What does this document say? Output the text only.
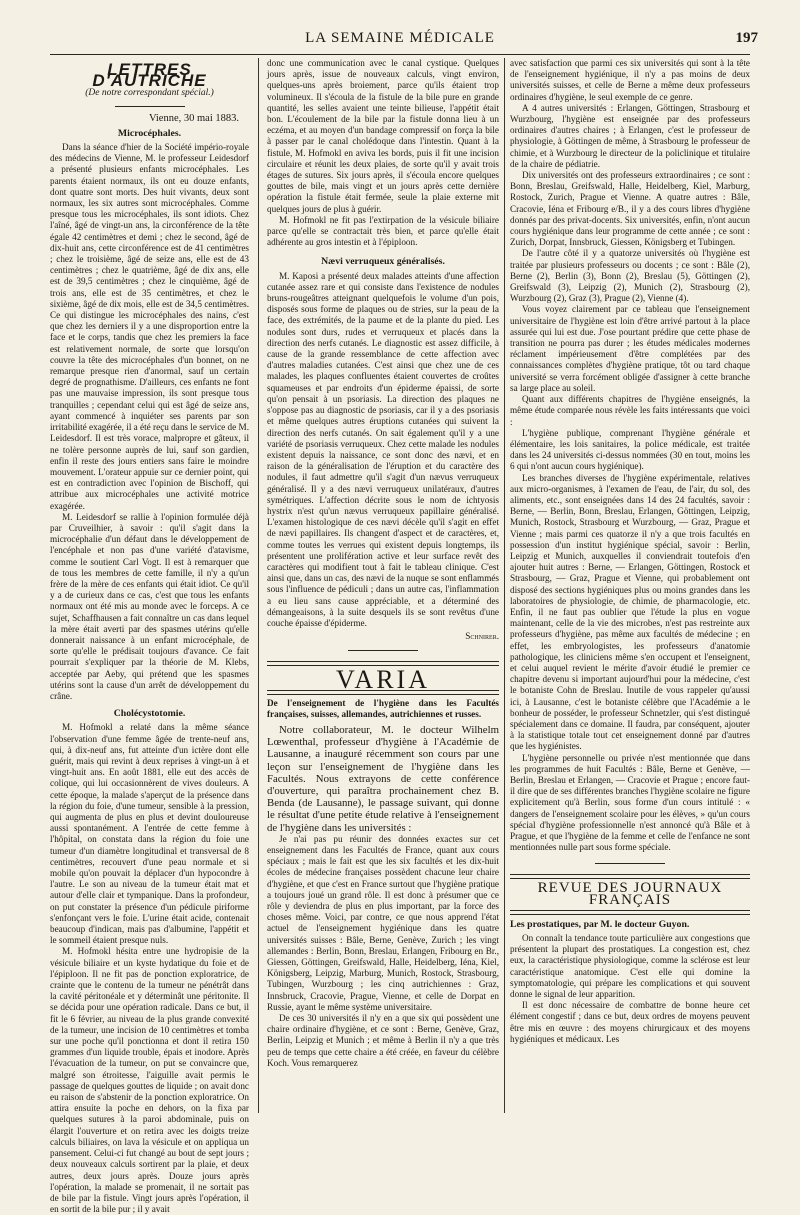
LA SEMAINE MÉDICALE	197
LETTRES D'AUTRICHE
(De notre correspondant spécial.)
Vienne, 30 mai 1883.
Microcéphales.

Dans la séance d'hier de la Société império-royale des médecins de Vienne, M. le professeur Leidesdorf a présenté plusieurs enfants microcéphales. Les parents étaient normaux, ils ont eu douze enfants, dont quatre sont morts. Des huit vivants, deux sont normaux, les six autres sont microcéphales. Comme presque tous les microcéphales, ils sont idiots. Chez l'aîné, âgé de vingt-un ans, la circonférence de la tête égale 42 centimètres et demi ; chez le second, âgé de dix-huit ans, cette circonférence est de 41 centimètres ; chez le troisième, âgé de seize ans, elle est de 43 centimètres ; chez le quatrième, âgé de dix ans, elle est de 39,5 centimètres ; chez le cinquième, âgé de trois ans, elle est de 35 centimètres, et chez le sixième, âgé de dix mois, elle est de 34,5 centimètres. Ce qui distingue les microcéphales des nains, c'est que chez les derniers il y a une disproportion entre la face et le corps, tandis que chez les premiers la face est relativement normale, de sorte que lorsqu'on couvre la tête des microcéphales d'un bonnet, on ne remarque presque rien d'anormal, sauf un certain degré de prognathisme. D'ailleurs, ces enfants ne font pas une mauvaise impression, ils sont presque tous tranquilles ; cependant celui qui est âgé de seize ans, ayant commencé à inquiéter ses parents par son irritabilité exagérée, il a été reçu dans le service de M. Leidesdorf. Il est très vorace, malpropre et gâteux, il ne tolère personne auprès de lui, sauf son gardien, enfin il reste des jours entiers sans faire le moindre mouvement. L'orateur appuie sur ce dernier point, qui est en contradiction avec l'opinion de Bischoff, qui attribue aux microcéphales une activité motrice exagérée.

M. Leidesdorf se rallie à l'opinion formulée déjà par Cruveilhier, à savoir : qu'il s'agit dans la microcéphalie d'un défaut dans le développement de l'encéphale et non pas d'une variété d'atavisme, comme le soutient Carl Vogt. Il est à remarquer que de tous les membres de cette famille, il n'y a qu'un frère de la mère de ces enfants qui était idiot. Ce qu'il y a de curieux dans ce cas, c'est que tous les enfants normaux ont été mis au monde avec le forceps. A ce sujet, Schaffhausen a fait connaître un cas dans lequel la mère était averti par des spasmes utérins qu'elle donnerait naissance à un enfant microcéphale, de sorte qu'elle le prédisait toujours d'avance. Ce fait pourrait s'expliquer par la théorie de M. Klebs, acceptée par Aeby, qui prétend que les spasmes utérins sont la cause d'un arrêt de développement du crâne.

Cholécystotomie.

M. Hofmokl a relaté dans la même séance l'observation d'une femme âgée de trente-neuf ans, qui, à dix-neuf ans, fut atteinte d'un ictère dont elle guérit, mais qui revint à deux reprises à vingt-un à et vingt-huit ans. En août 1881, elle eut des accès de colique, qui lui occasionnèrent de vives douleurs. A cette époque, la malade s'aperçut de la présence dans la région du foie, d'une tumeur, sensible à la pression, qui augmenta de plus en plus et devint douloureuse aussi spontanément. A l'entrée de cette femme à l'hôpital, on constata dans la région du foie une tumeur d'un diamètre longitudinal et transversal de 8 centimètres, recouvert d'une peau normale et si mobile qu'on pouvait la déplacer d'un hypocondre à l'autre. Le son au niveau de la tumeur était mat et autour d'elle clair et tympanique. Dans la profondeur, on put constater la présence d'un pédicule piriforme s'enfonçant vers le foie. L'urine était acide, contenait beaucoup d'indican, mais pas d'albumine, l'appétit et le sommeil étaient presque nuls.

M. Hofmokl hésita entre une hydropisie de la vésicule biliaire et un kyste hydatique du foie et de l'épiploon. Il ne fit pas de ponction exploratrice, de crainte que le contenu de la tumeur ne pénétrât dans la cavité péritonéale et y déterminât une péritonite. Il se décida pour une opération radicale. Dans ce but, il fit le 6 février, au niveau de la plus grande convexité de la tumeur, une incision de 10 centimètres et tomba sur une poche qu'il ponctionna et dont il retira 150 grammes d'un liquide trouble, épais et inodore. Après l'évacuation de la tumeur, on put se convaincre que, malgré son étroitesse, l'aiguille avait permis le passage de quelques gouttes de liquide ; on avait donc eu raison de s'abstenir de la ponction exploratrice. On attira ensuite la poche en dehors, on la fixa par quelques sutures à la paroi abdominale, puis on élargit l'ouverture et on retira avec les doigts treize calculs biliaires, on lava la vésicule et on appliqua un pansement. Celui-ci fut changé au bout de sept jours ; deux nouveaux calculs sortirent par la plaie, et deux autres, deux jours après. Douze jours après l'opération, la malade se promenait, il ne sortait pas de bile par la fistule. Vingt jours après l'opération, il en sortit de la bile pur ; il y avait

donc une communication avec le canal cystique. Quelques jours après, issue de nouveaux calculs, vingt environ, quelques-uns après broiement, parce qu'ils étaient trop volumineux. Il s'écoula de la fistule de la bile pure en grande quantité, les selles avaient une teinte bilieuse, l'appétit était bon. L'écoulement de la bile par la fistule donna lieu à un eczéma, et au moyen d'un bandage compressif on força la bile à passer par le canal cholédoque dans l'intestin. Quant à la fistule, M. Hofmokl en aviva les bords, puis il fit une incision circulaire et réunit les deux plaies, de sorte qu'il y avait trois étages de sutures. Six jours après, il s'écoula encore quelques gouttes de bile, mais vingt et un jours après cette dernière opération la fistule était fermée, seule la plaie externe mit quelques jours de plus à guérir.

M. Hofmokl ne fit pas l'extirpation de la vésicule biliaire parce qu'elle se contractait très bien, et parce qu'elle était adhérente au gros intestin et à l'épiploon.

Nævi verruqueux généralisés.

M. Kaposi a présenté deux malades atteints d'une affection cutanée assez rare et qui consiste dans l'existence de nodules bruns-rougeâtres atteignant quelquefois le volume d'un pois, disposés sous forme de plaques ou de stries, sur la peau de la face, des extrémités, de la paume et de la plante du pied. Les nodules sont durs, rudes et verruqueux et placés dans la direction des nerfs cutanés. Le diagnostic est assez difficile, à cause de la grande ressemblance de cette affection avec d'autres maladies cutanées. C'est ainsi que chez une de ces malades, les plaques confluentes étaient couvertes de croûtes squameuses et par endroits d'un épiderme épaissi, de sorte qu'on pensait à un psoriasis. La direction des plaques ne s'oppose pas au diagnostic de psoriasis, car il y a des psoriasis et même quelques autres éruptions cutanées qui suivent la direction des nerfs cutanés. On sait également qu'il y a une variété de psoriasis verruqueux. Chez cette malade les nodules existent depuis la naissance, ce sont donc des nævi, et en raison de la généralisation de l'éruption et du caractère des nodules, il faut admettre qu'il s'agit d'un nævus verruqueux généralisé. Il y a des nævi verruqueux unilatéraux, d'autres symétriques. L'affection décrite sous le nom de ichtyosis hystrix n'est qu'un nævus verruqueux papillaire généralisé. L'examen histologique de ces nævi décèle qu'il s'agit en effet de nævi papillaires. Ils changent d'aspect et de caractères, et, comme toutes les verrues qui existent depuis longtemps, ils présentent une prolifération active et leur surface revêt des caractères qui modifient tout à fait le tableau clinique. C'est ainsi que, dans un cas, des nævi de la nuque se sont enflammés sous l'influence de pédiculi ; dans un autre cas, l'inflammation a eu lieu sans cause appréciable, et a déterminé des démangeaisons, à la suite desquels ils se sont revêtus d'une couche épaisse d'épiderme.

Schnirer.
VARIA

De l'enseignement de l'hygiène dans les Facultés françaises, suisses, allemandes, autrichiennes et russes.

Notre collaborateur, M. le docteur Wilhelm Lœwenthal, professeur d'hygiène à l'Académie de Lausanne, a inauguré récemment son cours par une leçon sur l'enseignement de l'hygiène dans les Facultés. Nous extrayons de cette conférence d'ouverture, qui paraîtra prochainement chez B. Benda (de Lausanne), le passage suivant, qui donne le résultat d'une petite étude relative à l'enseignement de l'hygiène dans les universités :

Je n'ai pas pu réunir des données exactes sur cet enseignement dans les Facultés de France, quant aux cours spéciaux ; mais le fait est que les six facultés et les dix-huit écoles de médecine françaises possèdent chacune leur chaire d'hygiène, et que c'est en France surtout que l'hygiène pratique a toujours joué un grand rôle. Il est donc à présumer que ce rôle y deviendra de plus en plus important, par la force des choses même. Voici, par contre, ce que nous apprend l'état actuel de l'enseignement hygiénique dans les quatre universités suisses : Bâle, Berne, Genève, Zurich ; les vingt allemandes : Berlin, Bonn, Breslau, Erlangen, Fribourg en Br., Giessen, Göttingen, Greifswald, Halle, Heidelberg, Iéna, Kiel, Königsberg, Leipzig, Marburg, Munich, Rostock, Strasbourg, Tubingen, Wurzbourg ; les cinq autrichiennes : Graz, Innsbruck, Cracovie, Prague, Vienne, et celle de Dorpat en Russie, ayant le même système universitaire.

De ces 30 universités il n'y en a que six qui possèdent une chaire ordinaire d'hygiène, et ce sont : Berne, Genève, Graz, Berlin, Leipzig et Munich ; et même à Berlin il n'y a que très peu de temps que cette chaire a été créée, en faveur du célèbre Koch. Vous remarquerez

avec satisfaction que parmi ces six universités qui sont à la tête de l'enseignement hygiénique, il n'y a pas moins de deux universités suisses, et celle de Berne a même deux professeurs ordinaires d'hygiène, le seul exemple de ce genre.

A 4 autres universités : Erlangen, Göttingen, Strasbourg et Wurzbourg, l'hygiène est enseignée par des professeurs ordinaires d'autres chaires ; à Erlangen, c'est le professeur de physiologie, à Göttingen de même, à Strasbourg le professeur de chimie, et à Wurzbourg le directeur de la policlinique et titulaire de la chaire de pédiatrie.

Dix universités ont des professeurs extraordinaires ; ce sont : Bonn, Breslau, Greifswald, Halle, Heidelberg, Kiel, Marburg, Rostock, Zurich, Prague et Vienne. A quatre autres : Bâle, Cracovie, Iéna et Fribourg e/B., il y a des cours libres d'hygiène donnés par des privat-docents. Six universités, enfin, n'ont aucun cours hygiénique dans leur programme de cette année ; ce sont : Zurich, Dorpat, Innsbruck, Giessen, Königsberg et Tubingen.

De l'autre côté il y a quatorze universités où l'hygiène est traitée par plusieurs professeurs ou docents ; ce sont : Bâle (2), Berne (2), Berlin (3), Bonn (2), Breslau (5), Göttingen (2), Greifswald (3), Leipzig (2), Munich (2), Strasbourg (2), Wurzbourg (2), Graz (3), Prague (2), Vienne (4).

Vous voyez clairement par ce tableau que l'enseignement universitaire de l'hygiène est loin d'être arrivé partout à la place assurée qui lui est due. J'ose pourtant prédire que cette phase de transition ne pourra pas durer ; les études médicales modernes réclament impérieusement d'être complétées par des connaissances complètes d'hygiène pratique, tôt ou tard chaque université se verra forcément obligée d'assigner à cette branche sa large place au soleil.

Quant aux différents chapitres de l'hygiène enseignés, la même étude comparée nous révèle les faits intéressants que voici :

L'hygiène publique, comprenant l'hygiène générale et élémentaire, les lois sanitaires, la police médicale, est traitée dans les 24 universités ci-dessus nommées (30 en tout, moins les 6 qui n'ont aucun cours hygiénique).

Les branches diverses de l'hygiène expérimentale, relatives aux micro-organismes, à l'examen de l'eau, de l'air, du sol, des aliments, etc., sont enseignées dans 14 des 24 facultés, savoir : Berne, — Berlin, Bonn, Breslau, Erlangen, Göttingen, Leipzig, Munich, Rostock, Strasbourg et Wurzbourg, — Graz, Prague et Vienne ; mais parmi ces quatorze il n'y a que trois facultés en possession d'un institut hygiénique spécial, savoir : Berlin, Leipzig et Munich, auxquelles il conviendrait toutefois d'en ajouter huit autres : Berne, — Erlangen, Göttingen, Rostock et Strasbourg, — Graz, Prague et Vienne, qui probablement ont disposé des sections hygiéniques plus ou moins grandes dans les laboratoires de physiologie, de chimie, de pharmacologie, etc. Enfin, il ne faut pas oublier que l'étude la plus en vogue maintenant, celle de la vie des microbes, n'est pas restreinte aux professeurs d'hygiène, pas même aux facultés de médecine ; en effet, les embryologistes, les professeurs d'anatomie pathologique, les cliniciens même s'en occupent et l'enseignent, et celui auquel revient le mérite d'avoir étudié le premier ce chapitre devenu si important aujourd'hui pour la médecine, c'est le botaniste Cohn de Breslau. Inutile de vous rappeler qu'aussi ici, à Lausanne, c'est le botaniste célèbre que l'Académie a le bonheur de posséder, le professeur Schnetzler, qui s'est distingué spécialement dans ce domaine. Il faudra, par conséquent, ajouter à la statistique totale tout cet enseignement donné par d'autres que les hygiénistes.

L'hygiène personnelle ou privée n'est mentionnée que dans les programmes de huit Facultés : Bâle, Berne et Genève, — Berlin, Breslau et Erlangen, — Cracovie et Prague ; encore faut-il dire que de ses différentes branches l'hygiène scolaire ne figure explicitement qu'à Berlin, sous forme d'un cours intitulé : « dangers de l'enseignement scolaire pour les élèves, » qu'un cours spécial d'hygiène professionnelle n'est annoncé qu'à Bâle et à Prague, et que l'hygiène de la femme et celle de l'enfance ne sont mentionnées nulle part sous forme spéciale.

REVUE DES JOURNAUX FRANÇAIS

Les prostatiques, par M. le docteur Guyon.

On connaît la tendance toute particulière aux congestions que présentent la plupart des prostatiques. La congestion est, chez eux, la caractéristique physiologique, comme la sclérose est leur caractéristique anatomique. C'est elle qui domine la symptomatologie, qui prépare les complications et qui souvent donne le signal de leur apparition.

Il est donc nécessaire de combattre de bonne heure cet élément congestif ; dans ce but, deux ordres de moyens peuvent être mis en œuvre : des moyens chirurgicaux et des moyens hygiéniques et médicaux. Les
